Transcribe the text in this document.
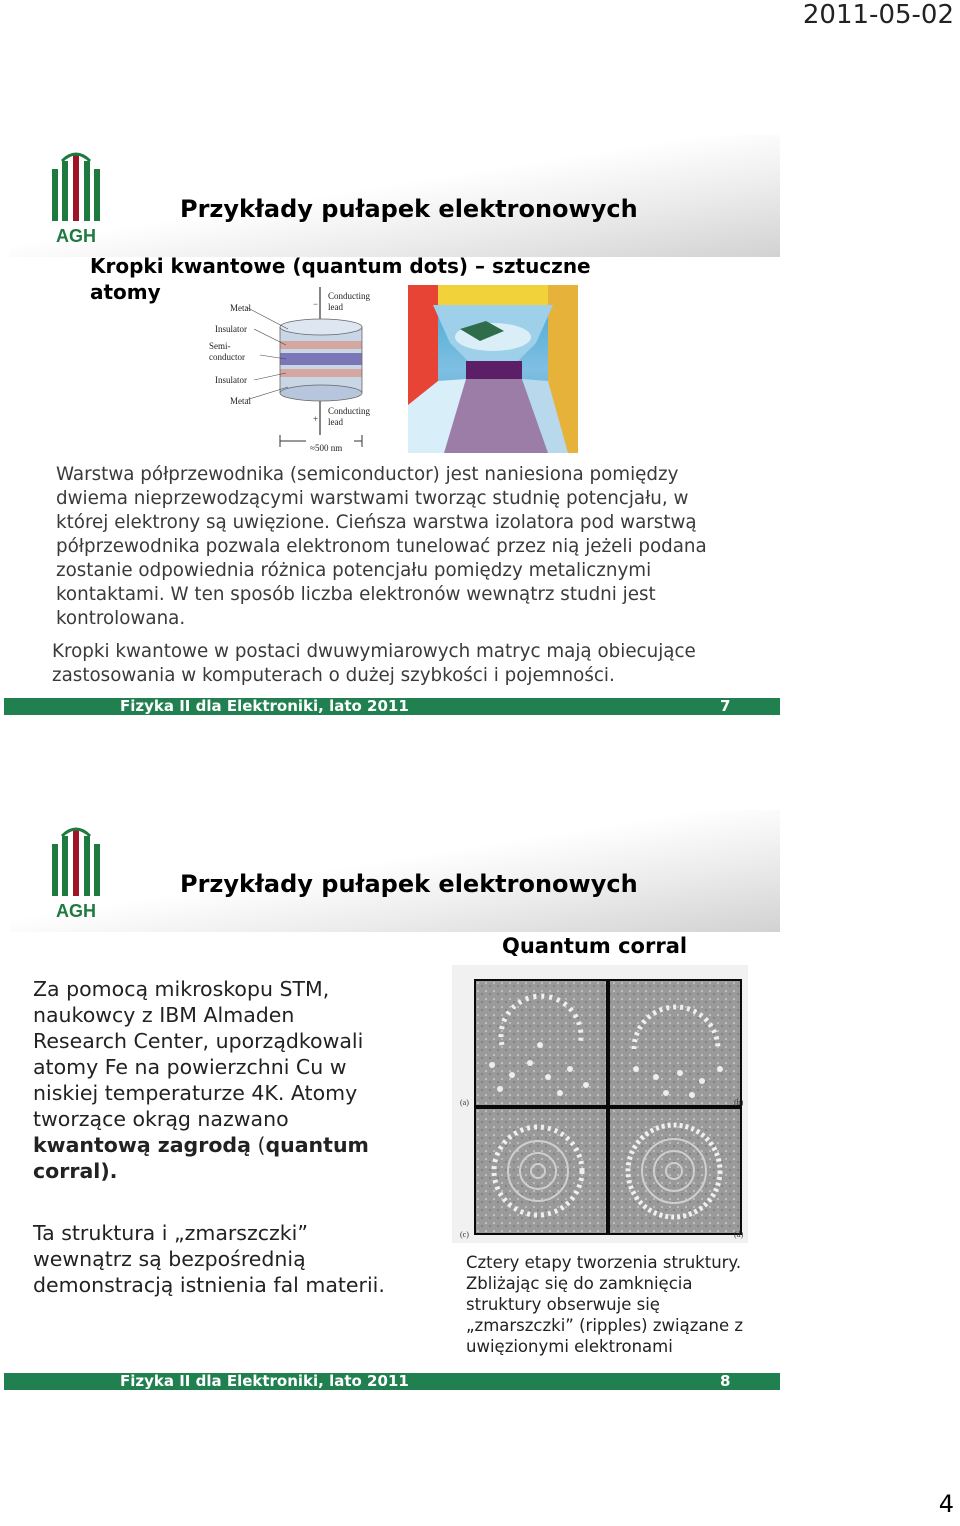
2011-05-02
AGH
Przykłady pułapek elektronowych
Kropki kwantowe (quantum dots) – sztuczne
atomy
Metal
Insulator
Semi-
conductor
Insulator
Metal
Conducting
lead
Conducting
lead
−
+
≈500 nm
Warstwa półprzewodnika (semiconductor) jest naniesiona pomiędzy
dwiema nieprzewodzącymi warstwami tworząc studnię potencjału, w
której elektrony są uwięzione. Cieńsza warstwa izolatora pod warstwą
półprzewodnika pozwala elektronom tunelować przez nią jeżeli podana
zostanie odpowiednia różnica potencjału pomiędzy metalicznymi
kontaktami. W ten sposób liczba elektronów wewnątrz studni jest
kontrolowana.
Kropki kwantowe w postaci dwuwymiarowych matryc mają obiecujące
zastosowania w komputerach o dużej szybkości i pojemności.
Fizyka II dla Elektroniki, lato 2011	7
AGH
Przykłady pułapek elektronowych
Quantum corral
(a)	(b)
(c)	(d)
Za pomocą mikroskopu STM,
naukowcy z IBM Almaden
Research Center, uporządkowali
atomy Fe na powierzchni Cu w
niskiej temperaturze 4K. Atomy
tworzące okrąg nazwano
kwantową zagrodą (quantum
corral).
Ta struktura i „zmarszczki”
wewnątrz są bezpośrednią
demonstracją istnienia fal materii.
Cztery etapy tworzenia struktury.
Zbliżając się do zamknięcia
struktury obserwuje się
„zmarszczki” (ripples) związane z
uwięzionymi elektronami
Fizyka II dla Elektroniki, lato 2011	8
4
